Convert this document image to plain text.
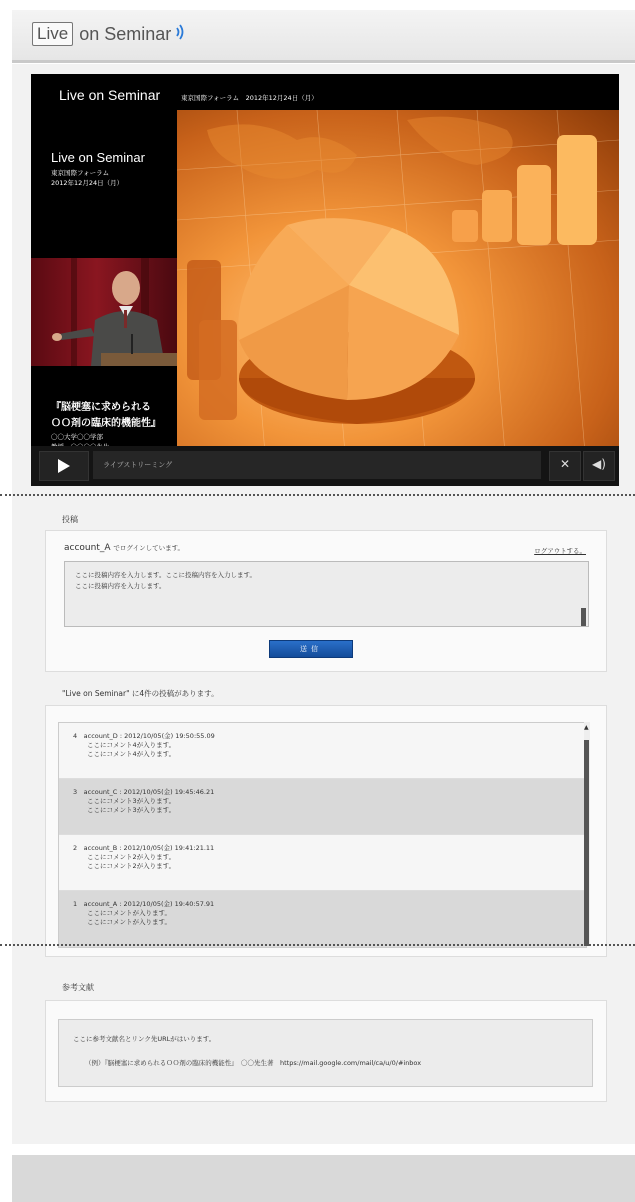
Live on Seminar
Live on Seminar	東京国際フォーラム　2012年12月24日（月）
Live on Seminar
東京国際フォーラム
2012年12月24日（月）
『脳梗塞に求められる
ＯＯ剤の臨床的機能性』
〇〇大学〇〇学部
ライブストリーミング	✕	◀)
投稿
account_A でログインしています。	ログアウトする。
ここに投稿内容を入力します。ここに投稿内容を入力します。
ここに投稿内容を入力します。
送信
"Live on Seminar" に4件の投稿があります。
4　account_D : 2012/10/05(金) 19:50:55.09
ここにコメント4が入ります。
ここにコメント4が入ります。
3　account_C : 2012/10/05(金) 19:45:46.21
ここにコメント3が入ります。
ここにコメント3が入ります。
2　account_B : 2012/10/05(金) 19:41:21.11
ここにコメント2が入ります。
ここにコメント2が入ります。
1　account_A : 2012/10/05(金) 19:40:57.91
ここにコメントが入ります。
ここにコメントが入ります。
▲
参考文献
ここに参考文献名とリンク先URLがはいります。
（例）『脳梗塞に求められるＯＯ剤の臨床的機能性』　〇〇先生著　https://mail.google.com/mail/ca/u/0/#inbox
